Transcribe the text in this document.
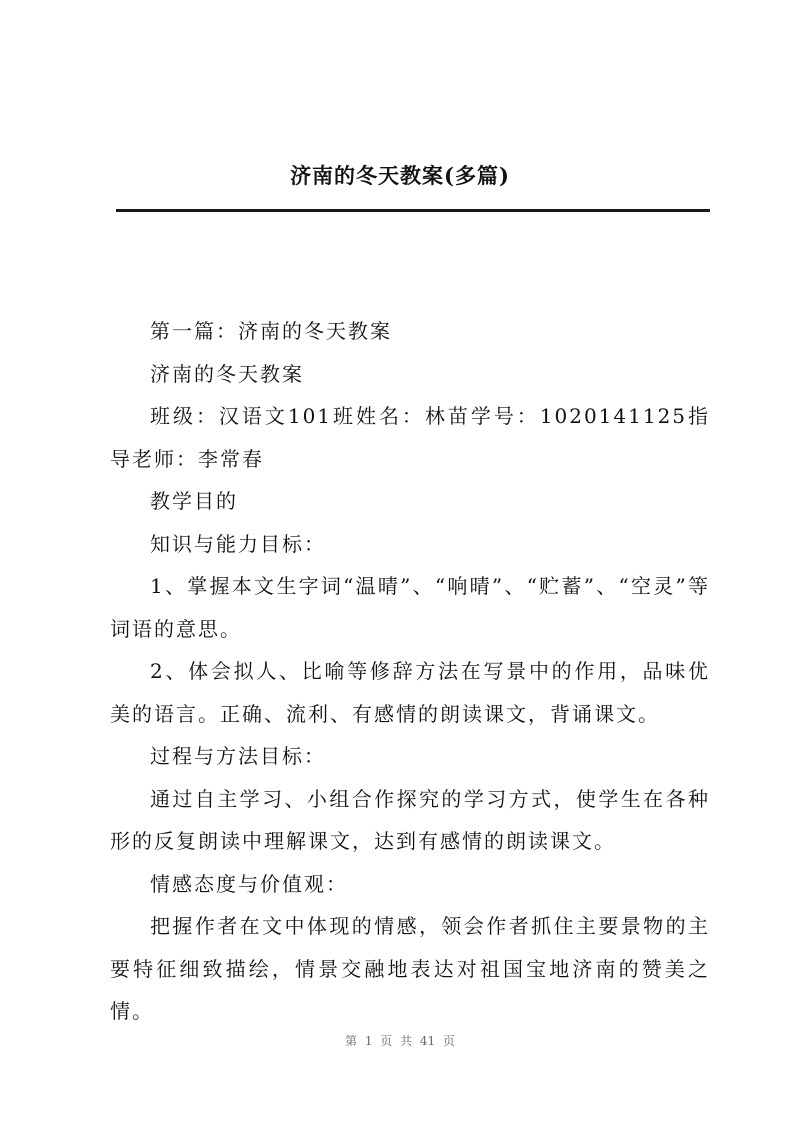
济南的冬天教案(多篇)

第一篇：济南的冬天教案

济南的冬天教案

班级：汉语文101班姓名：林苗学号：1020141125指导老师：李常春

教学目的

知识与能力目标：

1、掌握本文生字词“温晴”、“响晴”、“贮蓄”、“空灵”等词语的意思。

2、体会拟人、比喻等修辞方法在写景中的作用，品味优美的语言。正确、流利、有感情的朗读课文，背诵课文。

过程与方法目标：

通过自主学习、小组合作探究的学习方式，使学生在各种形的反复朗读中理解课文，达到有感情的朗读课文。

情感态度与价值观：

把握作者在文中体现的情感，领会作者抓住主要景物的主要特征细致描绘，情景交融地表达对祖国宝地济南的赞美之情。

第 1 页 共 41 页
